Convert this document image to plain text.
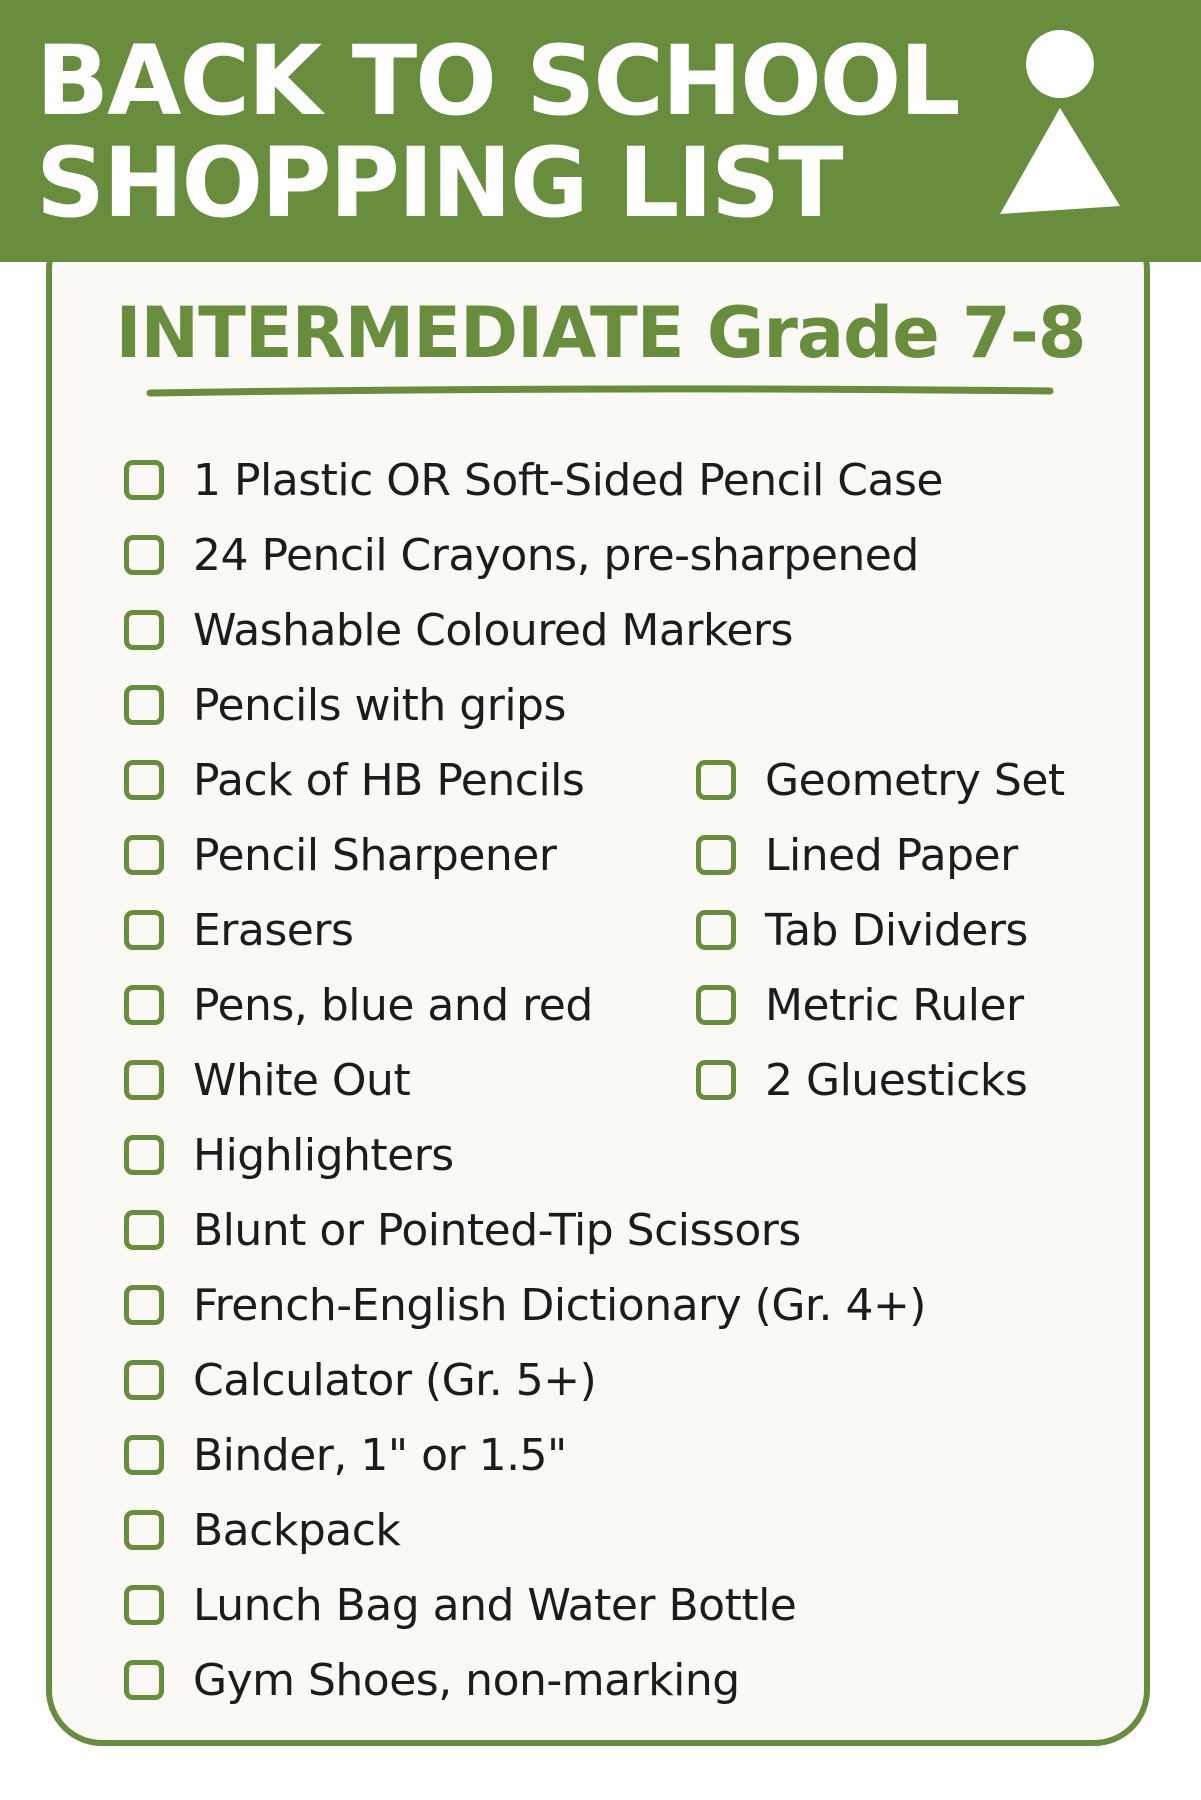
BACK TO SCHOOL
SHOPPING LIST
INTERMEDIATE Grade 7-8
1 Plastic OR Soft-Sided Pencil Case
24 Pencil Crayons, pre-sharpened
Washable Coloured Markers
Pencils with grips
Pack of HB Pencils
Pencil Sharpener
Erasers
Pens, blue and red
White Out
Highlighters
Blunt or Pointed-Tip Scissors
French-English Dictionary (Gr. 4+)
Calculator (Gr. 5+)
Binder, 1" or 1.5"
Backpack
Lunch Bag and Water Bottle
Gym Shoes, non-marking
Geometry Set
Lined Paper
Tab Dividers
Metric Ruler
2 Gluesticks
